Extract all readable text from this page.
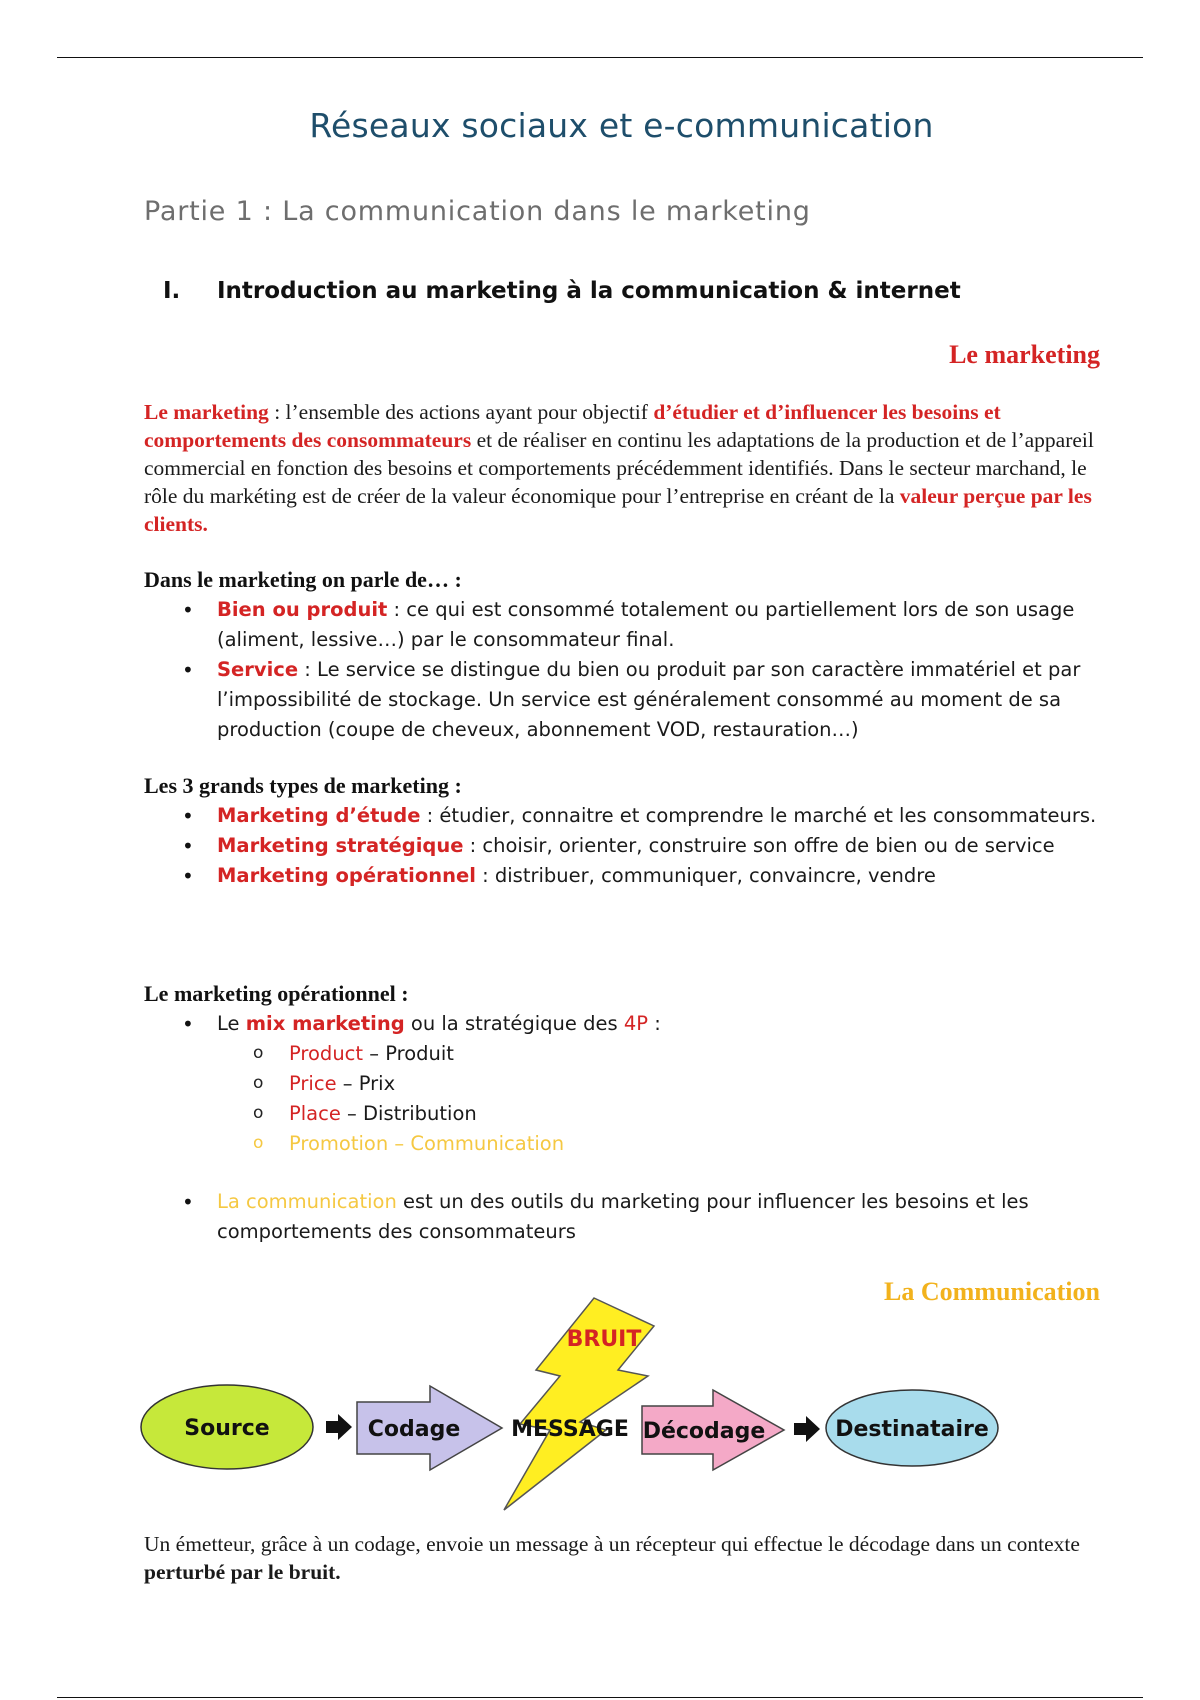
Réseaux sociaux et e-communication
Partie 1 : La communication dans le marketing
I. Introduction au marketing à la communication & internet
Le marketing
Le marketing : l’ensemble des actions ayant pour objectif d’étudier et d’influencer les besoins et comportements des consommateurs et de réaliser en continu les adaptations de la production et de l’appareil commercial en fonction des besoins et comportements précédemment identifiés. Dans le secteur marchand, le rôle du markéting est de créer de la valeur économique pour l’entreprise en créant de la valeur perçue par les clients.
Dans le marketing on parle de… :
• Bien ou produit : ce qui est consommé totalement ou partiellement lors de son usage (aliment, lessive…) par le consommateur final.
• Service : Le service se distingue du bien ou produit par son caractère immatériel et par l’impossibilité de stockage. Un service est généralement consommé au moment de sa production (coupe de cheveux, abonnement VOD, restauration…)
Les 3 grands types de marketing :
• Marketing d’étude : étudier, connaitre et comprendre le marché et les consommateurs.
• Marketing stratégique : choisir, orienter, construire son offre de bien ou de service
• Marketing opérationnel : distribuer, communiquer, convaincre, vendre
Le marketing opérationnel :
• Le mix marketing ou la stratégique des 4P :
o Product – Produit
o Price – Prix
o Place – Distribution
o Promotion – Communication
• La communication est un des outils du marketing pour influencer les besoins et les comportements des consommateurs
La Communication
Source	Codage MESSAGE
BRUIT
Décodage	Destinataire
Un émetteur, grâce à un codage, envoie un message à un récepteur qui effectue le décodage dans un contexte perturbé par le bruit.
